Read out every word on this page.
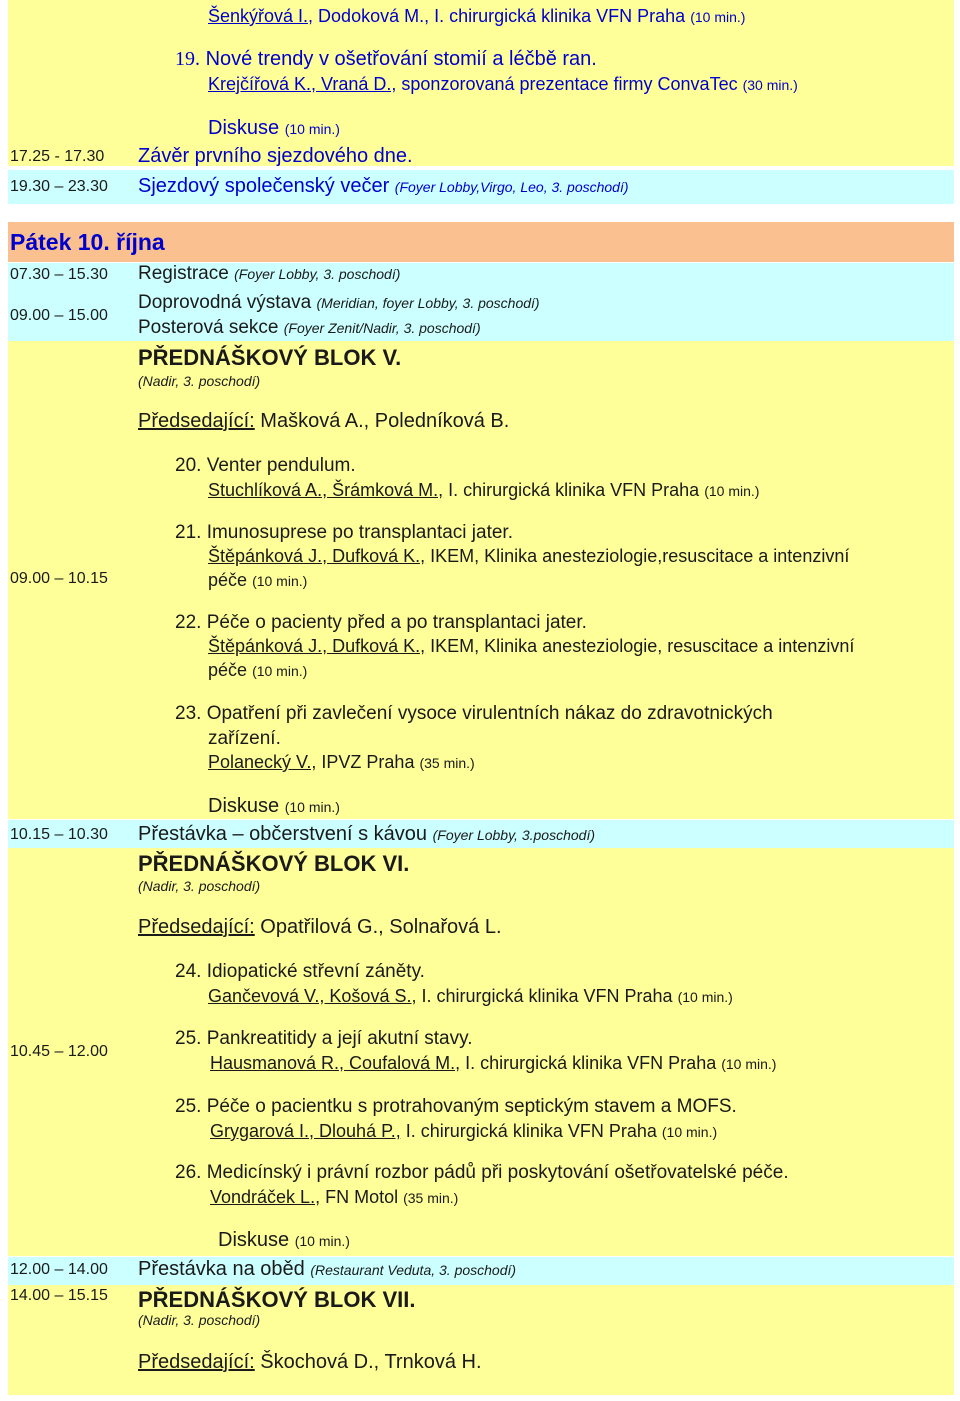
Šenkýřová I., Dodoková M., I. chirurgická klinika VFN Praha (10 min.)
19. Nové trendy v ošetřování stomií a léčbě ran.
Krejčířová K., Vraná D., sponzorovaná prezentace firmy ConvaTec (30 min.)
Diskuse (10 min.)
17.25 - 17.30 Závěr prvního sjezdového dne.
19.30 – 23.30 Sjezdový společenský večer (Foyer Lobby,Virgo, Leo, 3. poschodí)
Pátek 10. října
07.30 – 15.30 Registrace (Foyer Lobby, 3. poschodí)
09.00 – 15.00
Doprovodná výstava (Meridian, foyer Lobby, 3. poschodí)
Posterová sekce (Foyer Zenit/Nadir, 3. poschodí)
PŘEDNÁŠKOVÝ BLOK V.
(Nadir, 3. poschodí)
Předsedající: Mašková A., Poledníková B.
09.00 – 10.15
20. Venter pendulum.
Stuchlíková A., Šrámková M., I. chirurgická klinika VFN Praha (10 min.)
21. Imunosuprese po transplantaci jater.
Štěpánková J., Dufková K., IKEM, Klinika anesteziologie,resuscitace a intenzivní
péče (10 min.)
22. Péče o pacienty před a po transplantaci jater.
Štěpánková J., Dufková K., IKEM, Klinika anesteziologie, resuscitace a intenzivní
péče (10 min.)
23. Opatření při zavlečení vysoce virulentních nákaz do zdravotnických
zařízení.
Polanecký V., IPVZ Praha (35 min.)
Diskuse (10 min.)
10.15 – 10.30 Přestávka – občerstvení s kávou (Foyer Lobby, 3.poschodí)
PŘEDNÁŠKOVÝ BLOK VI.
(Nadir, 3. poschodí)
Předsedající: Opatřilová G., Solnařová L.
10.45 – 12.00
24. Idiopatické střevní záněty.
Gančevová V., Košová S., I. chirurgická klinika VFN Praha (10 min.)
25. Pankreatitidy a její akutní stavy.
Hausmanová R., Coufalová M., I. chirurgická klinika VFN Praha (10 min.)
25. Péče o pacientku s protrahovaným septickým stavem a MOFS.
Grygarová I., Dlouhá P., I. chirurgická klinika VFN Praha (10 min.)
26. Medicínský i právní rozbor pádů při poskytování ošetřovatelské péče.
Vondráček L., FN Motol (35 min.)
Diskuse (10 min.)
12.00 – 14.00 Přestávka na oběd (Restaurant Veduta, 3. poschodí)
14.00 – 15.15 PŘEDNÁŠKOVÝ BLOK VII.
(Nadir, 3. poschodí)
Předsedající: Škochová D., Trnková H.
